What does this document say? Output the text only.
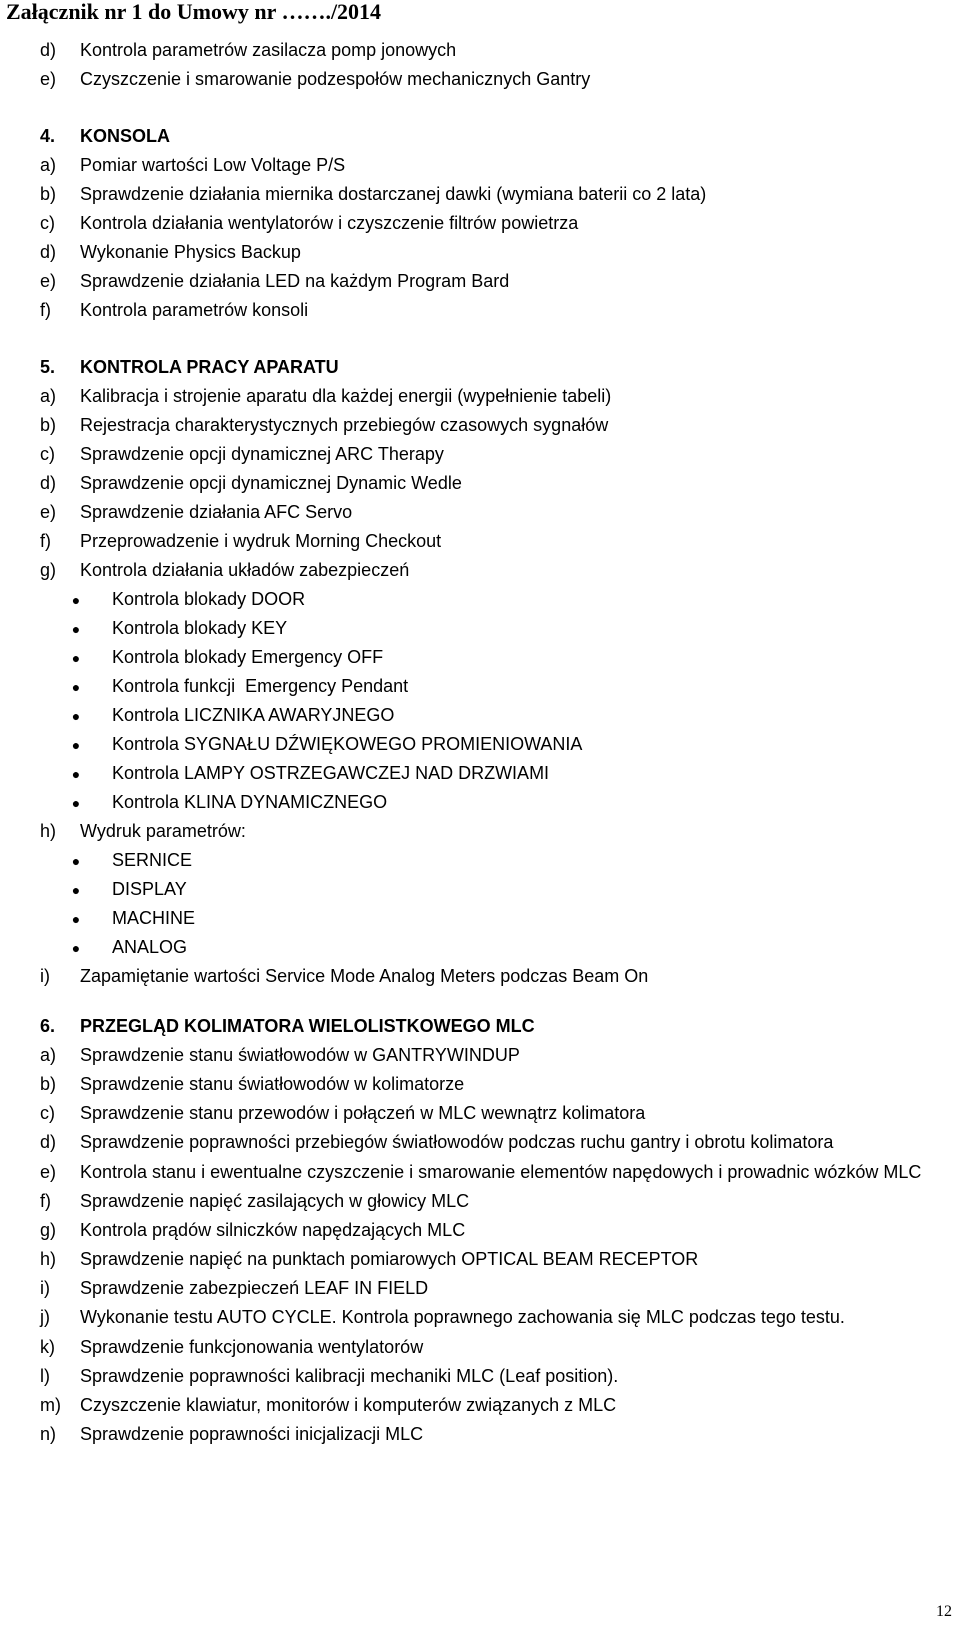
Załącznik nr 1 do Umowy nr ……./2014
d)	Kontrola parametrów zasilacza pomp jonowych
e)	Czyszczenie i smarowanie podzespołów mechanicznych Gantry
4.	KONSOLA
a)	Pomiar wartości Low Voltage P/S
b)	Sprawdzenie działania miernika dostarczanej dawki (wymiana baterii co 2 lata)
c)	Kontrola działania wentylatorów i czyszczenie filtrów powietrza
d)	Wykonanie Physics Backup
e)	Sprawdzenie działania LED na każdym Program Bard
f)	Kontrola parametrów konsoli
5.	KONTROLA PRACY APARATU
a)	Kalibracja i strojenie aparatu dla każdej energii (wypełnienie tabeli)
b)	Rejestracja charakterystycznych przebiegów czasowych sygnałów
c)	Sprawdzenie opcji dynamicznej ARC Therapy
d)	Sprawdzenie opcji dynamicznej Dynamic Wedle
e)	Sprawdzenie działania AFC Servo
f)	Przeprowadzenie i wydruk Morning Checkout
g)	Kontrola działania układów zabezpieczeń
●	Kontrola blokady DOOR
●	Kontrola blokady KEY
●	Kontrola blokady Emergency OFF
●	Kontrola funkcji  Emergency Pendant
●	Kontrola LICZNIKA AWARYJNEGO
●	Kontrola SYGNAŁU DŹWIĘKOWEGO PROMIENIOWANIA
●	Kontrola LAMPY OSTRZEGAWCZEJ NAD DRZWIAMI
●	Kontrola KLINA DYNAMICZNEGO
h)	Wydruk parametrów:
●	SERNICE
●	DISPLAY
●	MACHINE
●	ANALOG
i)	Zapamiętanie wartości Service Mode Analog Meters podczas Beam On
6.	PRZEGLĄD KOLIMATORA WIELOLISTKOWEGO MLC
a)	Sprawdzenie stanu światłowodów w GANTRYWINDUP
b)	Sprawdzenie stanu światłowodów w kolimatorze
c)	Sprawdzenie stanu przewodów i połączeń w MLC wewnątrz kolimatora
d)	Sprawdzenie poprawności przebiegów światłowodów podczas ruchu gantry i obrotu kolimatora
e)	Kontrola stanu i ewentualne czyszczenie i smarowanie elementów napędowych i prowadnic wózków MLC
f)	Sprawdzenie napięć zasilających w głowicy MLC
g)	Kontrola prądów silniczków napędzających MLC
h)	Sprawdzenie napięć na punktach pomiarowych OPTICAL BEAM RECEPTOR
i)	Sprawdzenie zabezpieczeń LEAF IN FIELD
j)	Wykonanie testu AUTO CYCLE. Kontrola poprawnego zachowania się MLC podczas tego testu.
k)	Sprawdzenie funkcjonowania wentylatorów
l)	Sprawdzenie poprawności kalibracji mechaniki MLC (Leaf position).
m)	Czyszczenie klawiatur, monitorów i komputerów związanych z MLC
n)	Sprawdzenie poprawności inicjalizacji MLC
12
